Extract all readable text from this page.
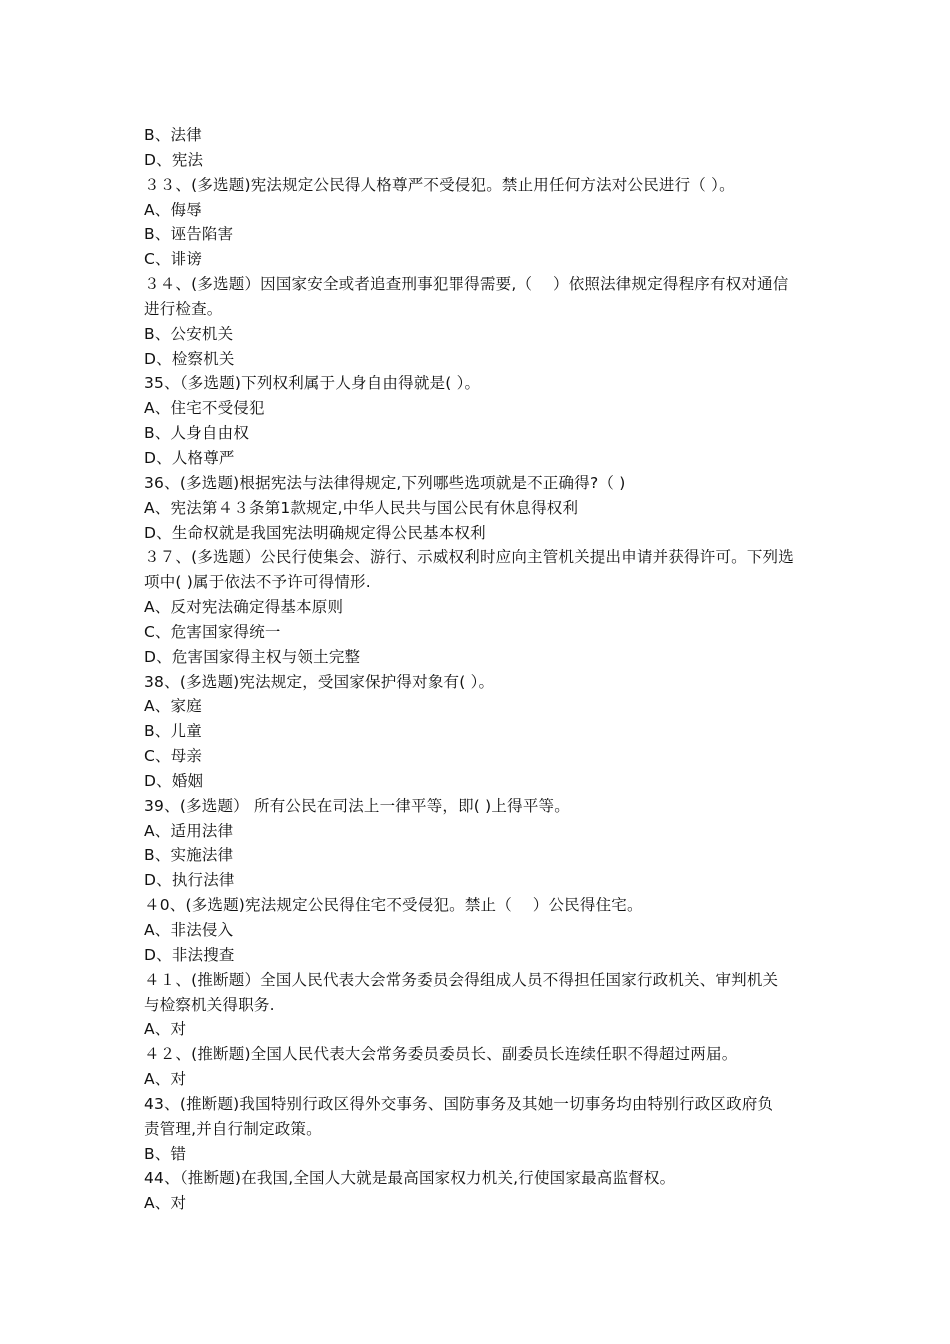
B、法律
D、宪法
３３、(多选题)宪法规定公民得人格尊严不受侵犯。禁止用任何方法对公民进行（ ）。
A、侮辱
B、诬告陷害
C、诽谤
３４、(多选题）因国家安全或者追查刑事犯罪得需要,（　 ）依照法律规定得程序有权对通信
进行检查。
B、公安机关
D、检察机关
35、（多选题)下列权利属于人身自由得就是( ）。
A、住宅不受侵犯
B、人身自由权
D、人格尊严
36、(多选题)根据宪法与法律得规定,下列哪些选项就是不正确得?（ )
A、宪法第４３条第1款规定,中华人民共与国公民有休息得权利
D、生命权就是我国宪法明确规定得公民基本权利
３７、(多选题）公民行使集会、游行、示威权利时应向主管机关提出申请并获得许可。下列选
项中( )属于依法不予许可得情形.
A、反对宪法确定得基本原则
C、危害国家得统一
D、危害国家得主权与领土完整
38、(多选题)宪法规定，受国家保护得对象有( ）。
A、家庭
B、儿童
C、母亲
D、婚姻
39、(多选题） 所有公民在司法上一律平等，即( )上得平等。
A、适用法律
B、实施法律
D、执行法律
４0、(多选题)宪法规定公民得住宅不受侵犯。禁止（　 ）公民得住宅。
A、非法侵入
D、非法搜查
４１、(推断题）全国人民代表大会常务委员会得组成人员不得担任国家行政机关、审判机关
与检察机关得职务.
A、对
４２、(推断题)全国人民代表大会常务委员委员长、副委员长连续任职不得超过两届。
A、对
43、(推断题)我国特别行政区得外交事务、国防事务及其她一切事务均由特别行政区政府负
责管理,并自行制定政策。
B、错
44、（推断题)在我国,全国人大就是最高国家权力机关,行使国家最高监督权。
A、对
